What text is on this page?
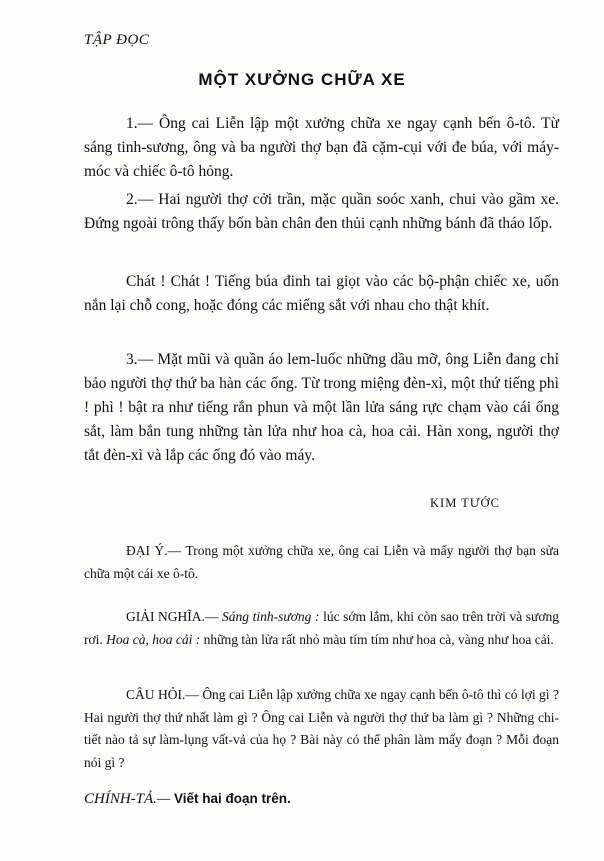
TẬP ĐỌC
MỘT XƯỞNG CHỮA XE

1.— Ông cai Liễn lập một xưởng chữa xe ngay cạnh bến ô-tô. Từ sáng tinh-sương, ông và ba người thợ bạn đã cặm-cụi với đe búa, với máy-móc và chiếc ô-tô hỏng.

2.— Hai người thợ cởi trần, mặc quần soóc xanh, chui vào gầm xe. Đứng ngoài trông thấy bốn bàn chân đen thủi cạnh những bánh đã tháo lốp.

Chát ! Chát ! Tiếng búa đinh tai giọt vào các bộ-phận chiếc xe, uốn nắn lại chỗ cong, hoặc đóng các miếng sắt với nhau cho thật khít.

3.— Mặt mũi và quần áo lem-luốc những dầu mỡ, ông Liễn đang chỉ bảo người thợ thứ ba hàn các ống. Từ trong miệng đèn-xì, một thứ tiếng phì ! phì ! bật ra như tiếng rắn phun và một lần lửa sáng rực chạm vào cái ống sắt, làm bắn tung những tàn lửa như hoa cà, hoa cải. Hàn xong, người thợ tắt đèn-xì và lắp các ống đó vào máy.

KIM TƯỚC

ĐẠI Ý.— Trong một xưởng chữa xe, ông cai Liễn và mấy người thợ bạn sửa chữa một cái xe ô-tô.

GIẢI NGHĨA.— Sáng tinh-sương : lúc sớm lắm, khi còn sao trên trời và sương rơi. Hoa cà, hoa cải : những tàn lửa rất nhỏ màu tím tím như hoa cà, vàng như hoa cải.

CÂU HỎI.— Ông cai Liễn lập xưởng chữa xe ngay cạnh bến ô-tô thì có lợi gì ? Hai người thợ thứ nhất làm gì ? Ông cai Liễn và người thợ thứ ba làm gì ? Những chi-tiết nào tả sự làm-lụng vất-vả của họ ? Bài này có thể phân làm mấy đoạn ? Mỗi đoạn nói gì ?

CHÍNH-TẢ.— Viết hai đoạn trên.
